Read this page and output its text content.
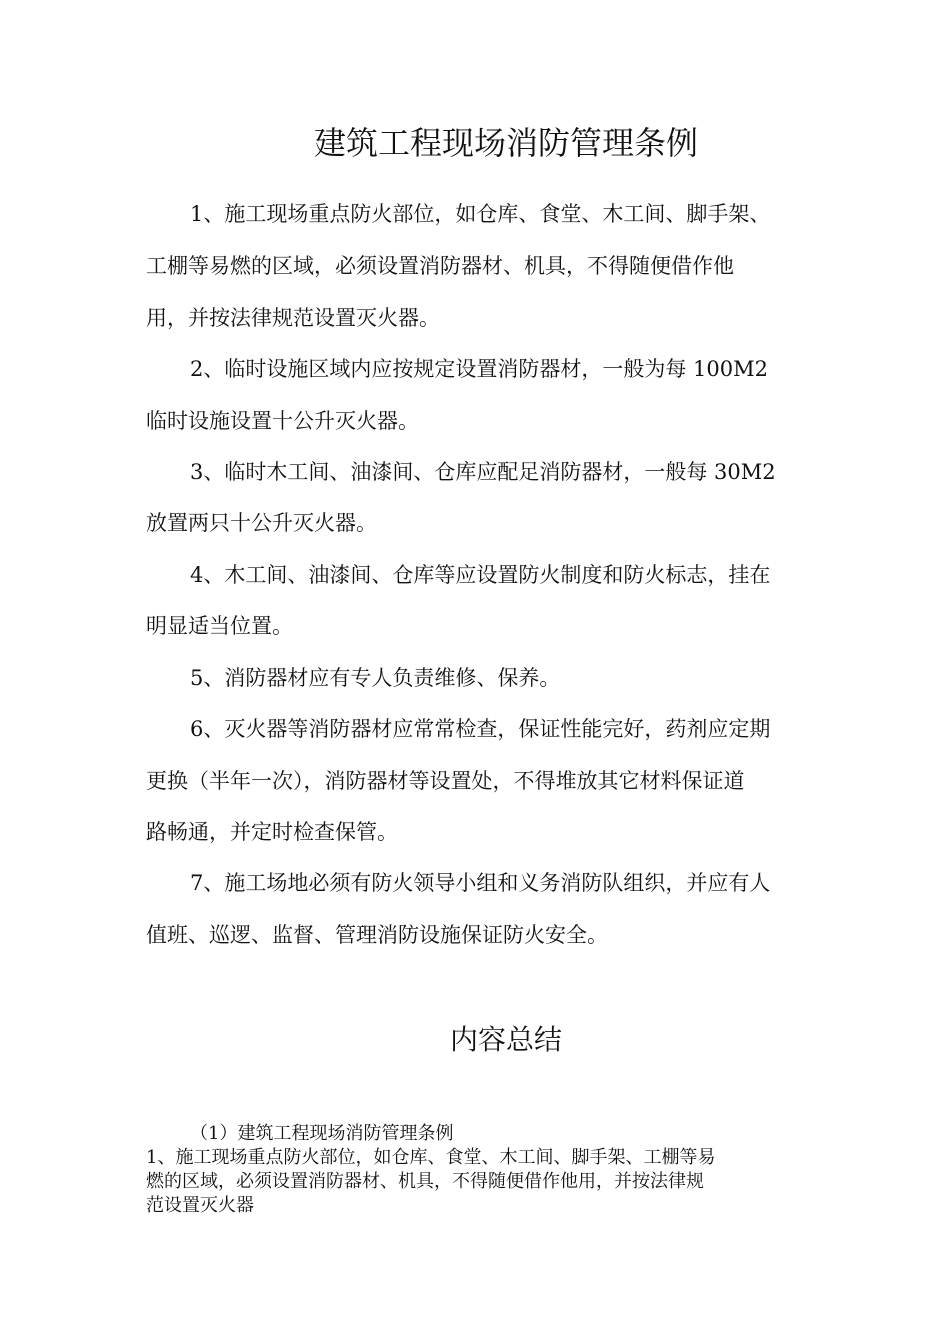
建筑工程现场消防管理条例
1、施工现场重点防火部位，如仓库、食堂、木工间、脚手架、
工棚等易燃的区域，必须设置消防器材、机具，不得随便借作他
用，并按法律规范设置灭火器。
2、临时设施区域内应按规定设置消防器材，一般为每 100M2
临时设施设置十公升灭火器。
3、临时木工间、油漆间、仓库应配足消防器材，一般每 30M2
放置两只十公升灭火器。
4、木工间、油漆间、仓库等应设置防火制度和防火标志，挂在
明显适当位置。
5、消防器材应有专人负责维修、保养。
6、灭火器等消防器材应常常检查，保证性能完好，药剂应定期
更换（半年一次），消防器材等设置处，不得堆放其它材料保证道
路畅通，并定时检查保管。
7、施工场地必须有防火领导小组和义务消防队组织，并应有人
值班、巡逻、监督、管理消防设施保证防火安全。
内容总结
（1）建筑工程现场消防管理条例
1、施工现场重点防火部位，如仓库、食堂、木工间、脚手架、工棚等易
燃的区域，必须设置消防器材、机具，不得随便借作他用，并按法律规
范设置灭火器
